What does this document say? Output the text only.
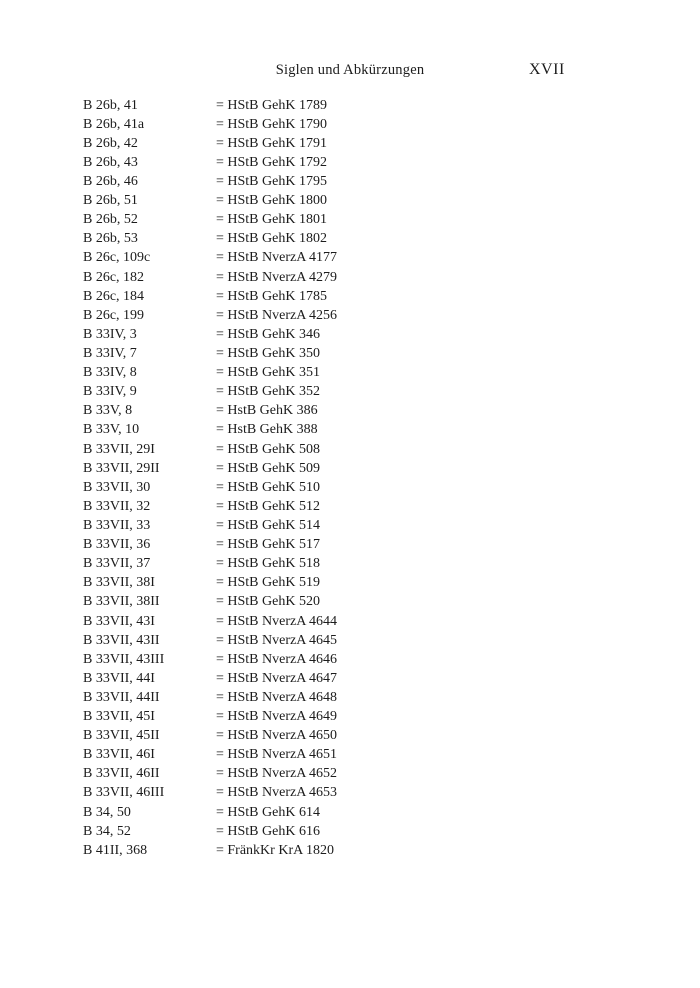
Siglen und Abkürzungen	XVII
B 26b, 41	= HStB GehK 1789
B 26b, 41a	= HStB GehK 1790
B 26b, 42	= HStB GehK 1791
B 26b, 43	= HStB GehK 1792
B 26b, 46	= HStB GehK 1795
B 26b, 51	= HStB GehK 1800
B 26b, 52	= HStB GehK 1801
B 26b, 53	= HStB GehK 1802
B 26c, 109c	= HStB NverzA 4177
B 26c, 182	= HStB NverzA 4279
B 26c, 184	= HStB GehK 1785
B 26c, 199	= HStB NverzA 4256
B 33IV, 3	= HStB GehK 346
B 33IV, 7	= HStB GehK 350
B 33IV, 8	= HStB GehK 351
B 33IV, 9	= HStB GehK 352
B 33V, 8	= HstB GehK 386
B 33V, 10	= HstB GehK 388
B 33VII, 29I	= HStB GehK 508
B 33VII, 29II	= HStB GehK 509
B 33VII, 30	= HStB GehK 510
B 33VII, 32	= HStB GehK 512
B 33VII, 33	= HStB GehK 514
B 33VII, 36	= HStB GehK 517
B 33VII, 37	= HStB GehK 518
B 33VII, 38I	= HStB GehK 519
B 33VII, 38II	= HStB GehK 520
B 33VII, 43I	= HStB NverzA 4644
B 33VII, 43II	= HStB NverzA 4645
B 33VII, 43III	= HStB NverzA 4646
B 33VII, 44I	= HStB NverzA 4647
B 33VII, 44II	= HStB NverzA 4648
B 33VII, 45I	= HStB NverzA 4649
B 33VII, 45II	= HStB NverzA 4650
B 33VII, 46I	= HStB NverzA 4651
B 33VII, 46II	= HStB NverzA 4652
B 33VII, 46III	= HStB NverzA 4653
B 34, 50	= HStB GehK 614
B 34, 52	= HStB GehK 616
B 41II, 368	= FränkKr KrA 1820
